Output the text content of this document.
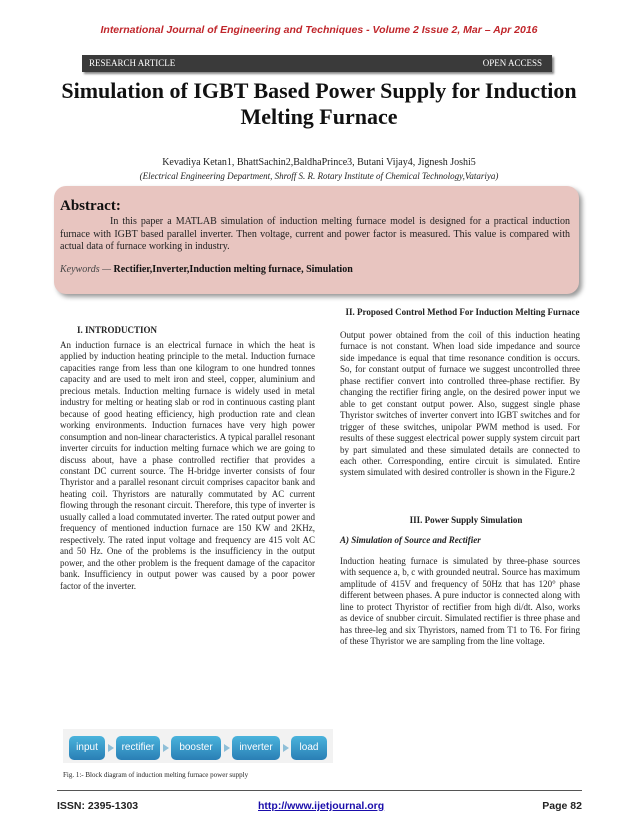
International Journal of Engineering and Techniques - Volume 2 Issue 2, Mar – Apr 2016
RESEARCH ARTICLE	OPEN ACCESS
Simulation of IGBT Based Power Supply for Induction Melting Furnace
Kevadiya Ketan1, BhattSachin2,BaldhaPrince3, Butani Vijay4, Jignesh Joshi5
(Electrical Engineering Department, Shroff S. R. Rotary Institute of Chemical Technology,Vatariya)
Abstract:
In this paper a MATLAB simulation of induction melting furnace model is designed for a practical induction furnace with IGBT based parallel inverter. Then voltage, current and power factor is measured. This value is compared with actual data of furnace working in industry.
Keywords — Rectifier,Inverter,Induction melting furnace, Simulation
I. INTRODUCTION
An induction furnace is an electrical furnace in which the heat is applied by induction heating principle to the metal. Induction furnace capacities range from less than one kilogram to one hundred tonnes capacity and are used to melt iron and steel, copper, aluminium and precious metals. Induction melting furnace is widely used in metal industry for melting or heating slab or rod in continuous casting plant because of good heating efficiency, high production rate and clean working environments. Induction furnaces have very high power consumption and non-linear characteristics. A typical parallel resonant inverter circuits for induction melting furnace which we are going to discuss about, have a phase controlled rectifier that provides a constant DC current source. The H-bridge inverter consists of four Thyristor and a parallel resonant circuit comprises capacitor bank and heating coil. Thyristors are naturally commutated by AC current flowing through the resonant circuit. Therefore, this type of inverter is usually called a load commutated inverter. The rated output power and frequency of mentioned induction furnace are 150 KW and 2KHz, respectively. The rated input voltage and frequency are 415 volt AC and 50 Hz. One of the problems is the insufficiency in the output power, and the other problem is the frequent damage of the capacitor bank. Insufficiency in output power was caused by a poor power factor of the inverter.
II. Proposed Control Method For Induction Melting Furnace
Output power obtained from the coil of this induction heating furnace is not constant. When load side impedance and source side impedance is equal that time resonance condition is occurs. So, for constant output of furnace we suggest uncontrolled three phase rectifier convert into controlled three-phase rectifier. By changing the rectifier firing angle, on the desired power input we able to get constant output power. Also, suggest single phase Thyristor switches of inverter convert into IGBT switches and for trigger of these switches, unipolar PWM method is used. For results of these suggest electrical power supply system circuit part by part simulated and these simulated details are connected to each other. Corresponding, entire circuit is simulated. Entire system simulated with desired controller is shown in the Figure.2
III. Power Supply Simulation
A) Simulation of Source and Rectifier
Induction heating furnace is simulated by three-phase sources with sequence a, b, c with grounded neutral. Source has maximum amplitude of 415V and frequency of 50Hz that has 120° phase different between phases. A pure inductor is connected along with line to protect Thyristor of rectifier from high di/dt. Also, works as device of snubber circuit. Simulated rectifier is three phase and has three-leg and six Thyristors, named from T1 to T6. For firing of these Thyristor we are sampling from the line voltage.
input	rectifier	booster	inverter	load
Fig. 1:- Block diagram of induction melting furnace power supply
ISSN: 2395-1303	http://www.ijetjournal.org	Page 82
